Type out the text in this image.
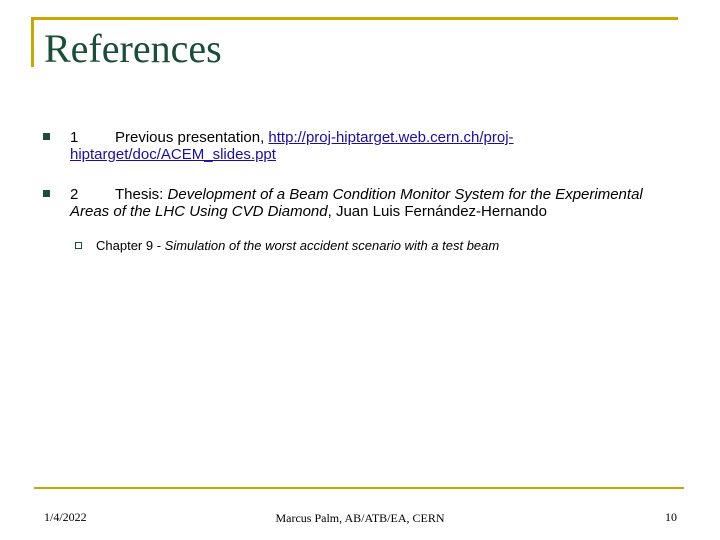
References
1 Previous presentation, http://proj-hiptarget.web.cern.ch/proj-hiptarget/doc/ACEM_slides.ppt
2 Thesis: Development of a Beam Condition Monitor System for the Experimental Areas of the LHC Using CVD Diamond, Juan Luis Fernández-Hernando
Chapter 9 - Simulation of the worst accident scenario with a test beam
1/4/2022	Marcus Palm, AB/ATB/EA, CERN	10
